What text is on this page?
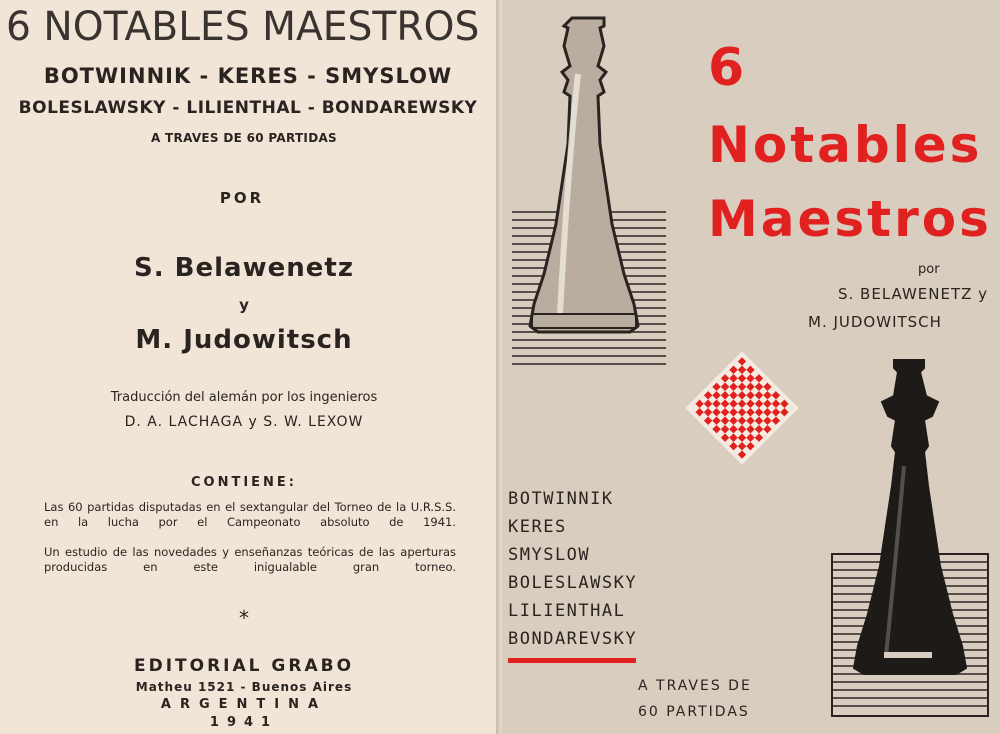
6 NOTABLES MAESTROS
BOTWINNIK - KERES - SMYSLOW
BOLESLAWSKY - LILIENTHAL - BONDAREWSKY
A TRAVES DE 60 PARTIDAS
POR
S. Belawenetz
y
M. Judowitsch
Traducción del alemán por los ingenieros
D. A. LACHAGA y S. W. LEXOW
CONTIENE:
Las 60 partidas disputadas en el sextangular del Torneo de la U.R.S.S. en la lucha por el Campeonato absoluto de 1941.
Un estudio de las novedades y enseñanzas teóricas de las aperturas producidas en este inigualable gran torneo.
*
EDITORIAL GRABO
Matheu 1521 - Buenos Aires
ARGENTINA
1941
6
Notables
Maestros
por
S. BELAWENETZ y
M. JUDOWITSCH
BOTWINNIK
KERES
SMYSLOW
BOLESLAWSKY
LILIENTHAL
BONDAREVSKY
A TRAVES DE
60 PARTIDAS
